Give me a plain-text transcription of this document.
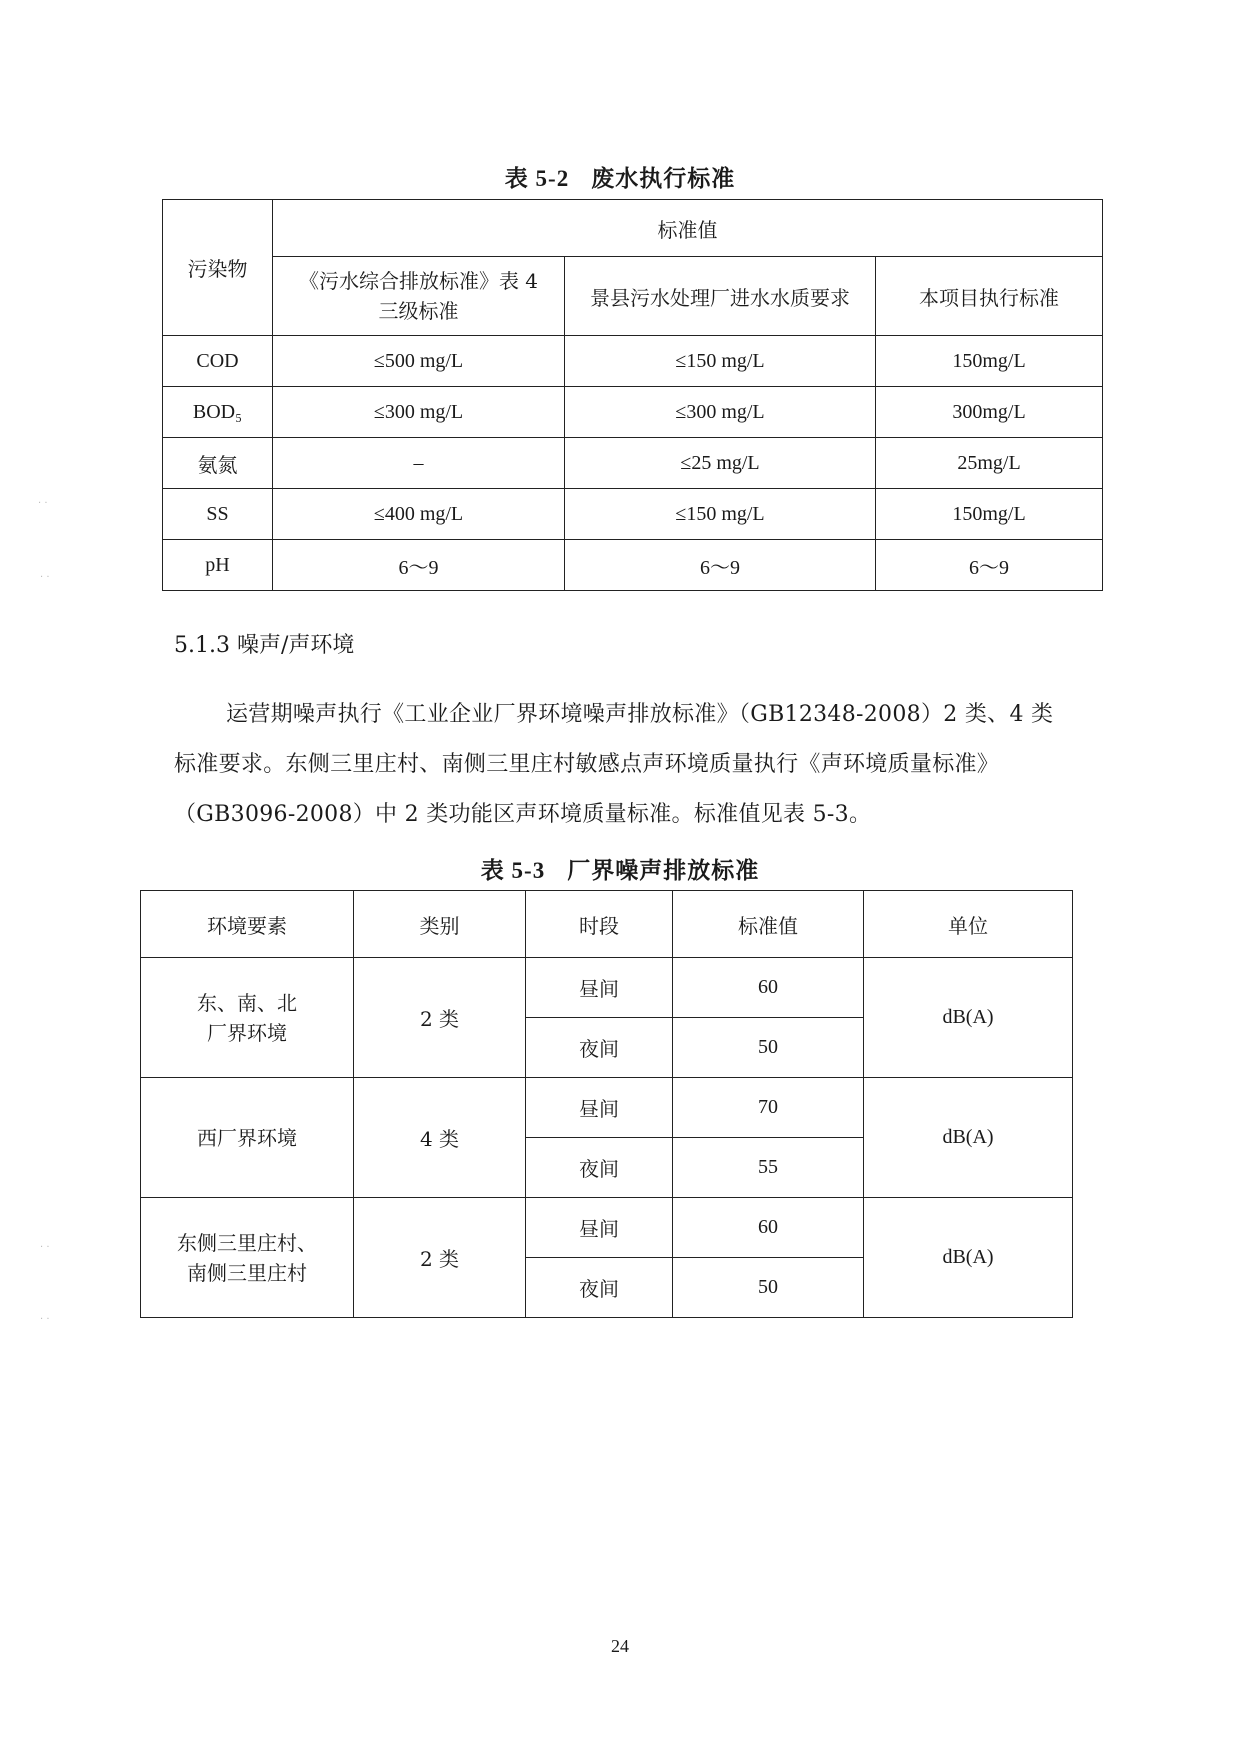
表 5-2 废水执行标准
污染物	标准值		
	《污水综合排放标准》表 4 三级标准	景县污水处理厂进水水质要求	本项目执行标准
COD	≤500 mg/L	≤150 mg/L	150mg/L
BOD₅	≤300 mg/L	≤300 mg/L	300mg/L
氨氮	–	≤25 mg/L	25mg/L
SS	≤400 mg/L	≤150 mg/L	150mg/L
pH	6～9	6～9	6～9
5.1.3 噪声/声环境
运营期噪声执行《工业企业厂界环境噪声排放标准》（GB12348-2008）2 类、4 类标准要求。东侧三里庄村、南侧三里庄村敏感点声环境质量执行《声环境质量标准》（GB3096-2008）中 2 类功能区声环境质量标准。标准值见表 5-3。
表 5-3 厂界噪声排放标准
环境要素	类别	时段	标准值	单位
东、南、北
厂界环境	2 类	昼间	60	dB(A)
		夜间	50	
西厂界环境	4 类	昼间	70	dB(A)
		夜间	55	
东侧三里庄村、
南侧三里庄村	2 类	昼间	60	dB(A)
		夜间	50	
24
· ·
· ·
· ·
· ·
